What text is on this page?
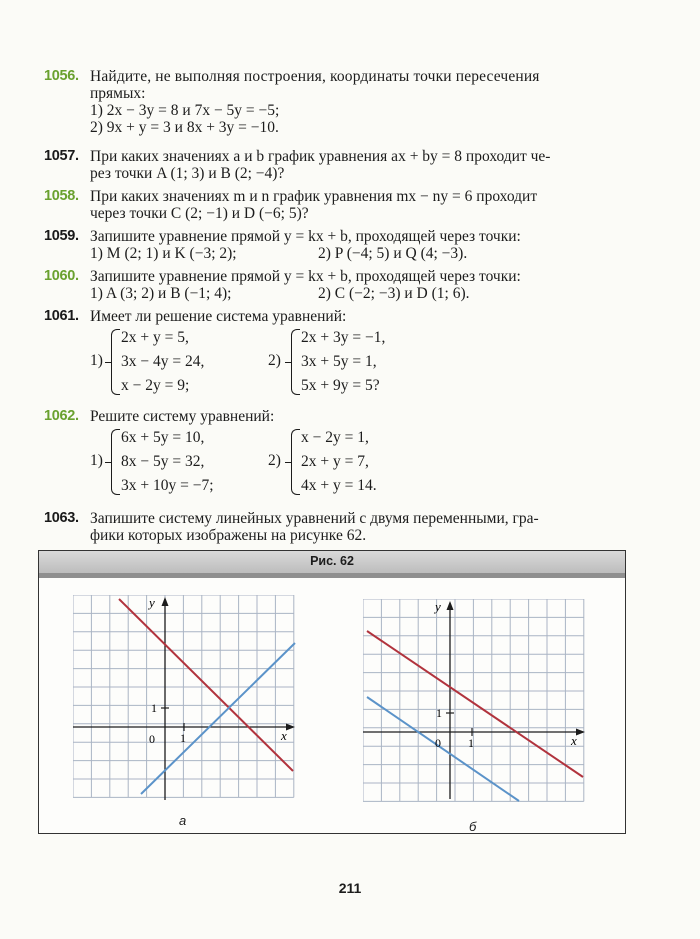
1056. Найдите, не выполняя построения, координаты точки пересечения
прямых:
1) 2x − 3y = 8 и 7x − 5y = −5;
2) 9x + y = 3 и 8x + 3y = −10.
1057. При каких значениях a и b график уравнения ax + by = 8 проходит че-
рез точки A (1; 3) и B (2; −4)?
1058. При каких значениях m и n график уравнения mx − ny = 6 проходит
через точки C (2; −1) и D (−6; 5)?
1059. Запишите уравнение прямой y = kx + b, проходящей через точки:
1) M (2; 1) и K (−3; 2);	2) P (−4; 5) и Q (4; −3).
1060. Запишите уравнение прямой y = kx + b, проходящей через точки:
1) A (3; 2) и B (−1; 4);	2) C (−2; −3) и D (1; 6).
1061. Имеет ли решение система уравнений:
1)
2x + y = 5,
3x − 4y = 24,
x − 2y = 9;
2)
2x + 3y = −1,
3x + 5y = 1,
5x + 9y = 5?
1062. Решите систему уравнений:
1)
6x + 5y = 10,
8x − 5y = 32,
3x + 10y = −7;
2)
x − 2y = 1,
2x + y = 7,
4x + y = 14.
1063. Запишите систему линейных уравнений с двумя переменными, гра-
фики которых изображены на рисунке 62.
Рис. 62
y
x
0 1
1
а
y
x
0 1
1
б
211
